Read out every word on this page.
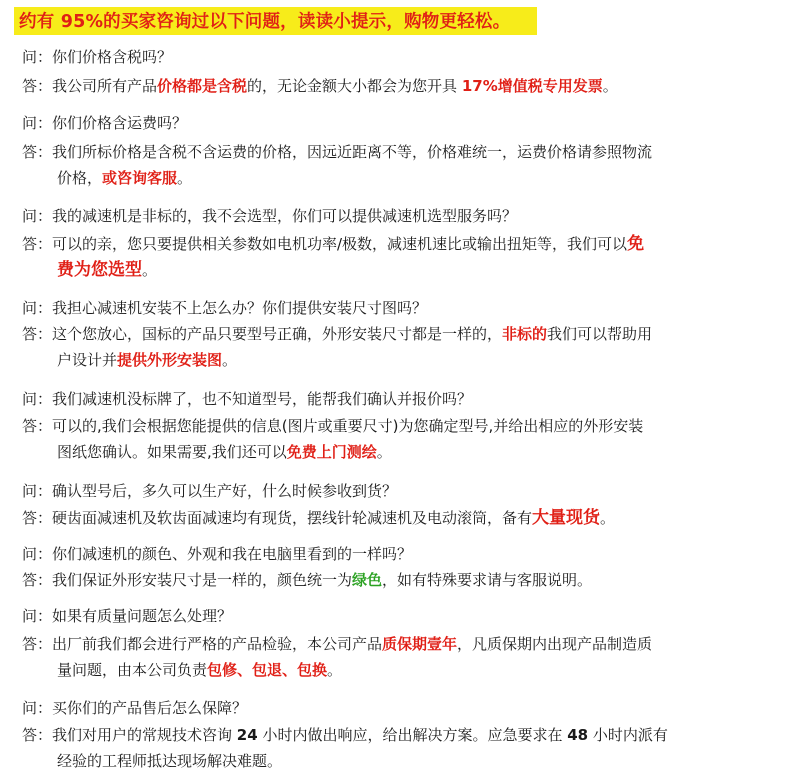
约有 95%的买家咨询过以下问题，读读小提示，购物更轻松。
问：你们价格含税吗？
答：我公司所有产品价格都是含税的，无论金额大小都会为您开具 17%增值税专用发票。
问：你们价格含运费吗？
答：我们所标价格是含税不含运费的价格，因远近距离不等，价格难统一，运费价格请参照物流
价格，或咨询客服。
问：我的减速机是非标的，我不会选型，你们可以提供减速机选型服务吗？
答：可以的亲，您只要提供相关参数如电机功率/极数，减速机速比或输出扭矩等，我们可以免
费为您选型。
问：我担心减速机安装不上怎么办？你们提供安装尺寸图吗？
答：这个您放心，国标的产品只要型号正确，外形安装尺寸都是一样的，非标的我们可以帮助用
户设计并提供外形安装图。
问：我们减速机没标牌了，也不知道型号，能帮我们确认并报价吗？
答：可以的,我们会根据您能提供的信息(图片或重要尺寸)为您确定型号,并给出相应的外形安装
图纸您确认。如果需要,我们还可以免费上门测绘。
问：确认型号后，多久可以生产好，什么时候参收到货？
答：硬齿面减速机及软齿面减速均有现货，摆线针轮减速机及电动滚筒，备有大量现货。
问：你们减速机的颜色、外观和我在电脑里看到的一样吗？
答：我们保证外形安装尺寸是一样的，颜色统一为绿色，如有特殊要求请与客服说明。
问：如果有质量问题怎么处理？
答：出厂前我们都会进行严格的产品检验，本公司产品质保期壹年，凡质保期内出现产品制造质
量问题，由本公司负责包修、包退、包换。
问：买你们的产品售后怎么保障？
答：我们对用户的常规技术咨询 24 小时内做出响应，给出解决方案。应急要求在 48 小时内派有
经验的工程师抵达现场解决难题。
